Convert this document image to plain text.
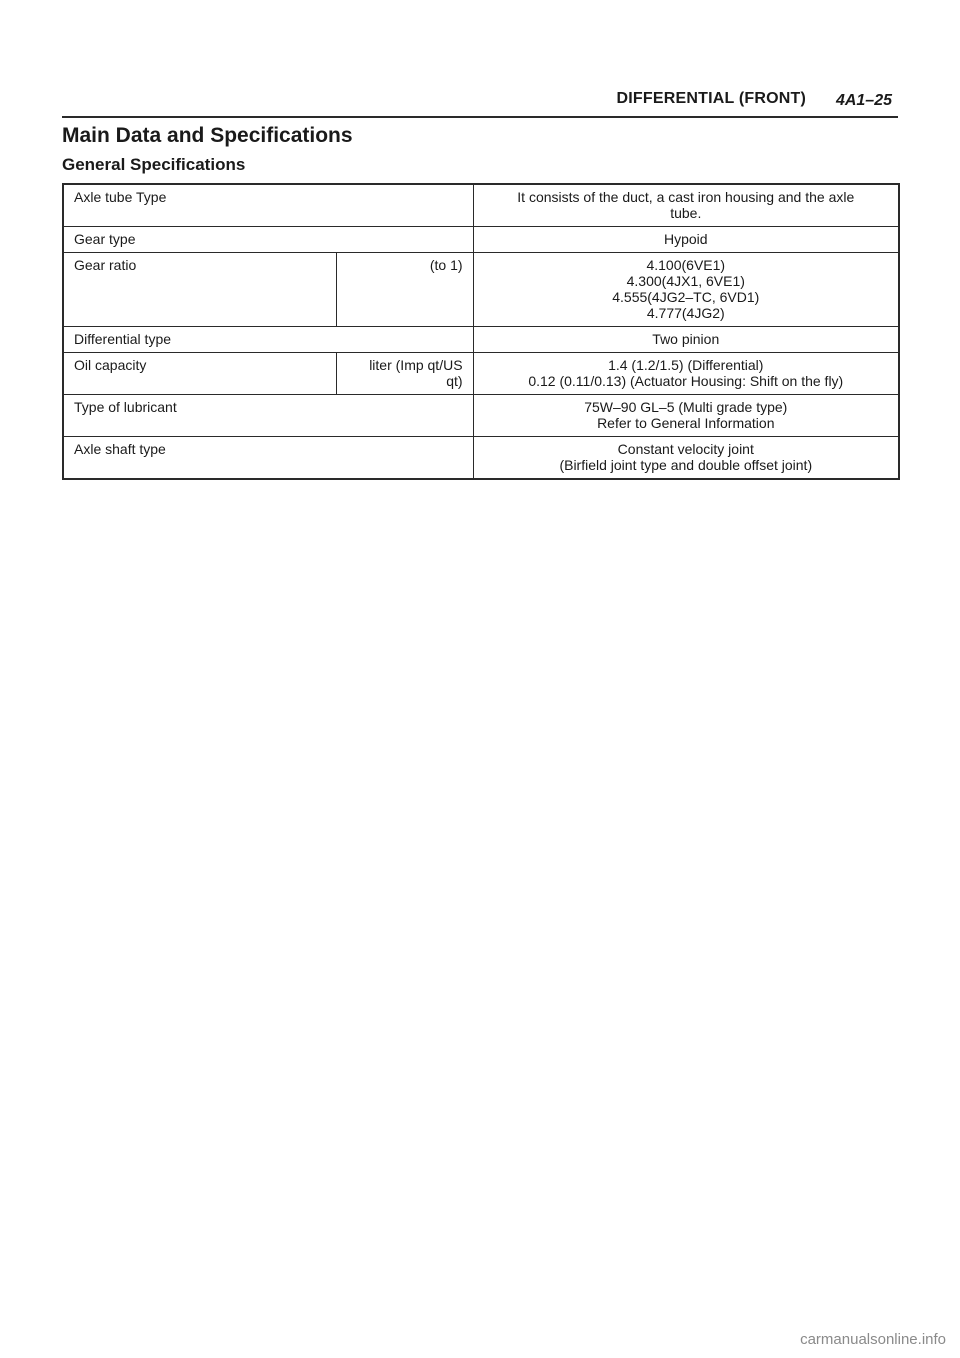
DIFFERENTIAL (FRONT) 4A1–25
Main Data and Specifications
General Specifications
Axle tube Type		It consists of the duct, a cast iron housing and the axle
tube.
Gear type		Hypoid
Gear ratio	(to 1)	4.100(6VE1)
4.300(4JX1, 6VE1)
4.555(4JG2–TC, 6VD1)
4.777(4JG2)
Differential type		Two pinion
Oil capacity	liter (Imp qt/US
qt)	1.4 (1.2/1.5) (Differential)
0.12 (0.11/0.13) (Actuator Housing: Shift on the fly)
Type of lubricant		75W–90 GL–5 (Multi grade type)
Refer to General Information
Axle shaft type		Constant velocity joint
(Birfield joint type and double offset joint)
carmanualsonline.info
